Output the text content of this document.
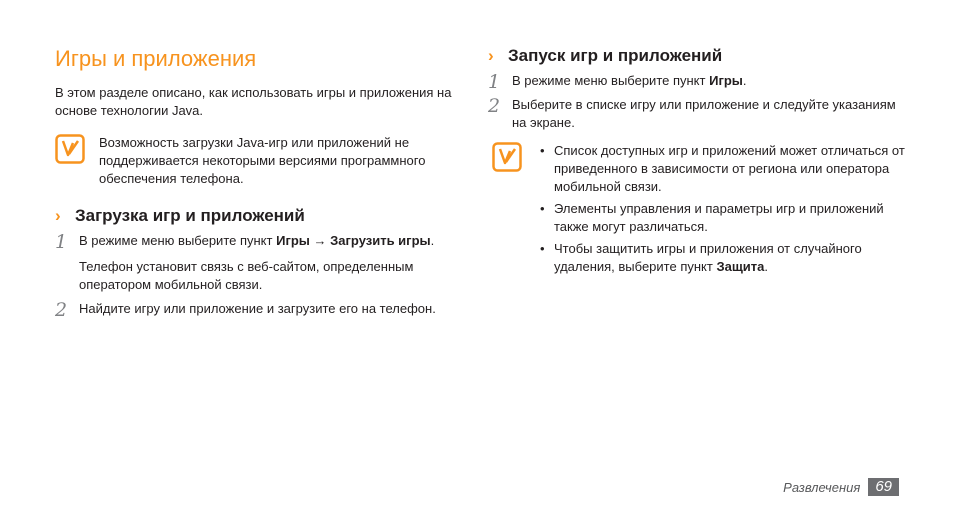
Игры и приложения

В этом разделе описано, как использовать игры и приложения на основе технологии Java.

Возможность загрузки Java-игр или приложений не поддерживается некоторыми версиями программного обеспечения телефона.
› Загрузка игр и приложений
1 В режиме меню выберите пункт Игры → Загрузить игры.
Телефон установит связь с веб-сайтом, определенным оператором мобильной связи.
2 Найдите игру или приложение и загрузите его на телефон.
› Запуск игр и приложений
1 В режиме меню выберите пункт Игры.
2 Выберите в списке игру или приложение и следуйте указаниям на экране.
• Список доступных игр и приложений может отличаться от приведенного в зависимости от региона или оператора мобильной связи.
• Элементы управления и параметры игр и приложений также могут различаться.
• Чтобы защитить игры и приложения от случайного удаления, выберите пункт Защита.
Развлечения	69
